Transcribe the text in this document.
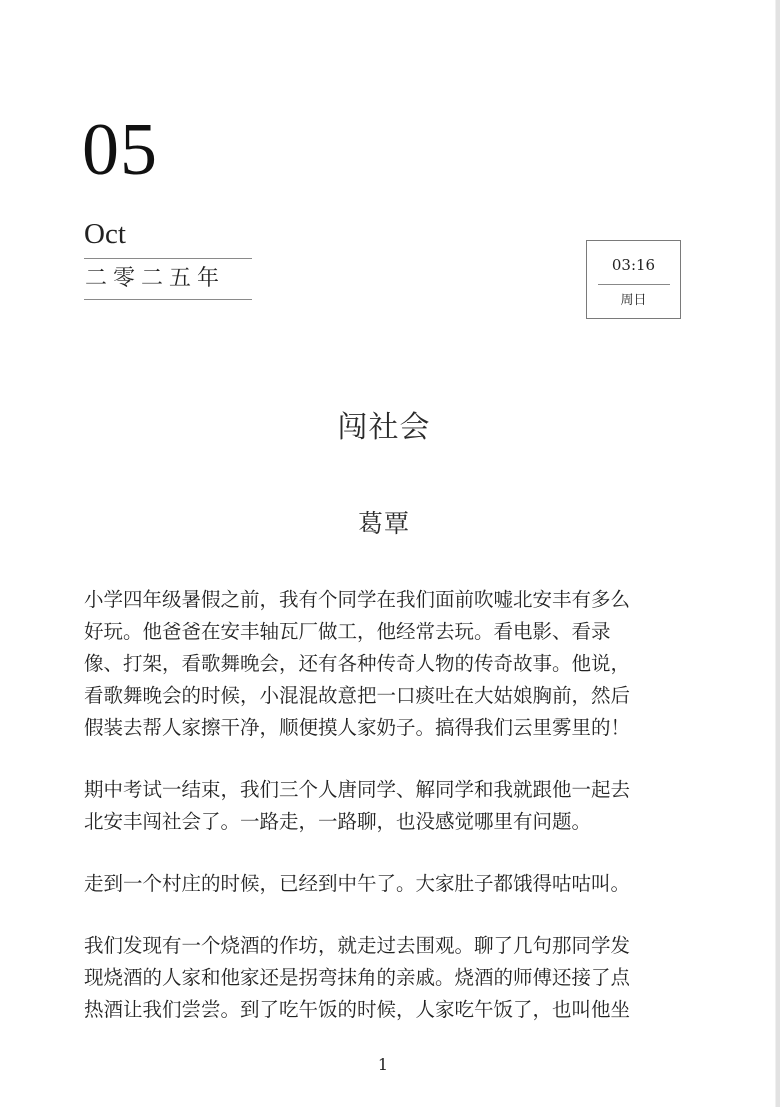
05
Oct
二零二五年
03:16
周日
闯社会
葛覃
小学四年级暑假之前，我有个同学在我们面前吹嘘北安丰有多么
好玩。他爸爸在安丰轴瓦厂做工，他经常去玩。看电影、看录
像、打架，看歌舞晚会，还有各种传奇人物的传奇故事。他说，
看歌舞晚会的时候，小混混故意把一口痰吐在大姑娘胸前，然后
假装去帮人家擦干净，顺便摸人家奶子。搞得我们云里雾里的！
期中考试一结束，我们三个人唐同学、解同学和我就跟他一起去
北安丰闯社会了。一路走，一路聊，也没感觉哪里有问题。
走到一个村庄的时候，已经到中午了。大家肚子都饿得咕咕叫。
我们发现有一个烧酒的作坊，就走过去围观。聊了几句那同学发
现烧酒的人家和他家还是拐弯抹角的亲戚。烧酒的师傅还接了点
热酒让我们尝尝。到了吃午饭的时候，人家吃午饭了，也叫他坐
1
